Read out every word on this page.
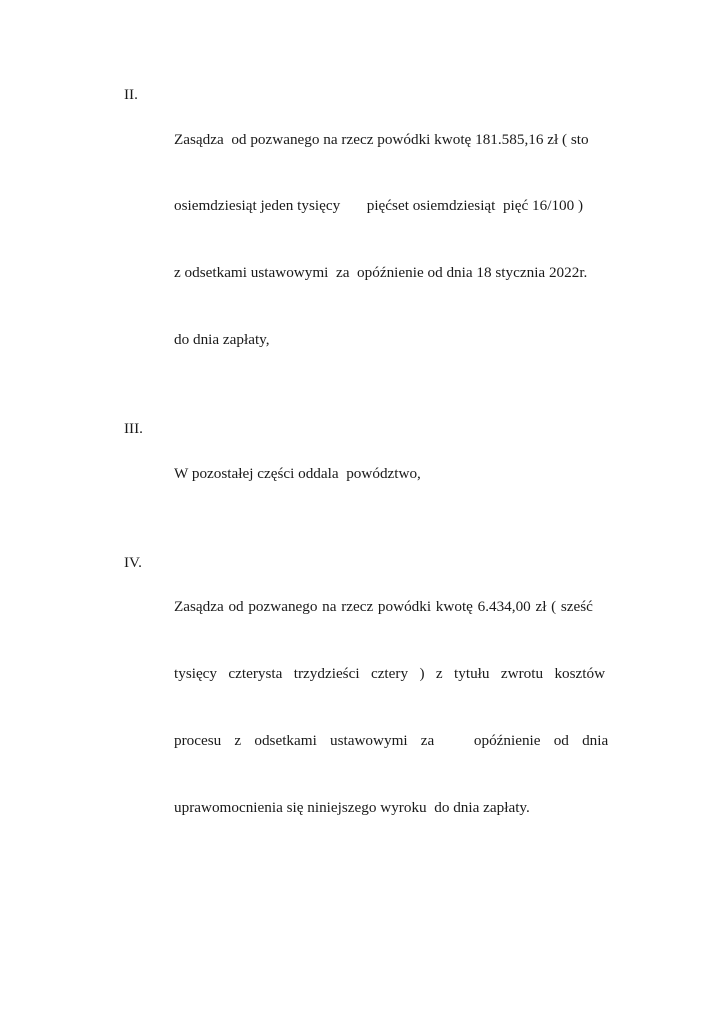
II.

Zasądza  od pozwanego na rzecz powódki kwotę 181.585,16 zł ( sto

osiemdziesiąt jeden tysięcy       pięćset osiemdziesiąt  pięć 16/100 )

z odsetkami ustawowymi  za  opóźnienie od dnia 18 stycznia 2022r.

do dnia zapłaty,

III.

W pozostałej części oddala  powództwo,

IV.

Zasądza od pozwanego na rzecz powódki kwotę 6.434,00 zł ( sześć

tysięcy czterysta trzydzieści cztery ) z tytułu zwrotu kosztów

procesu z odsetkami ustawowymi za   opóźnienie od dnia

uprawomocnienia się niniejszego wyroku  do dnia zapłaty.
